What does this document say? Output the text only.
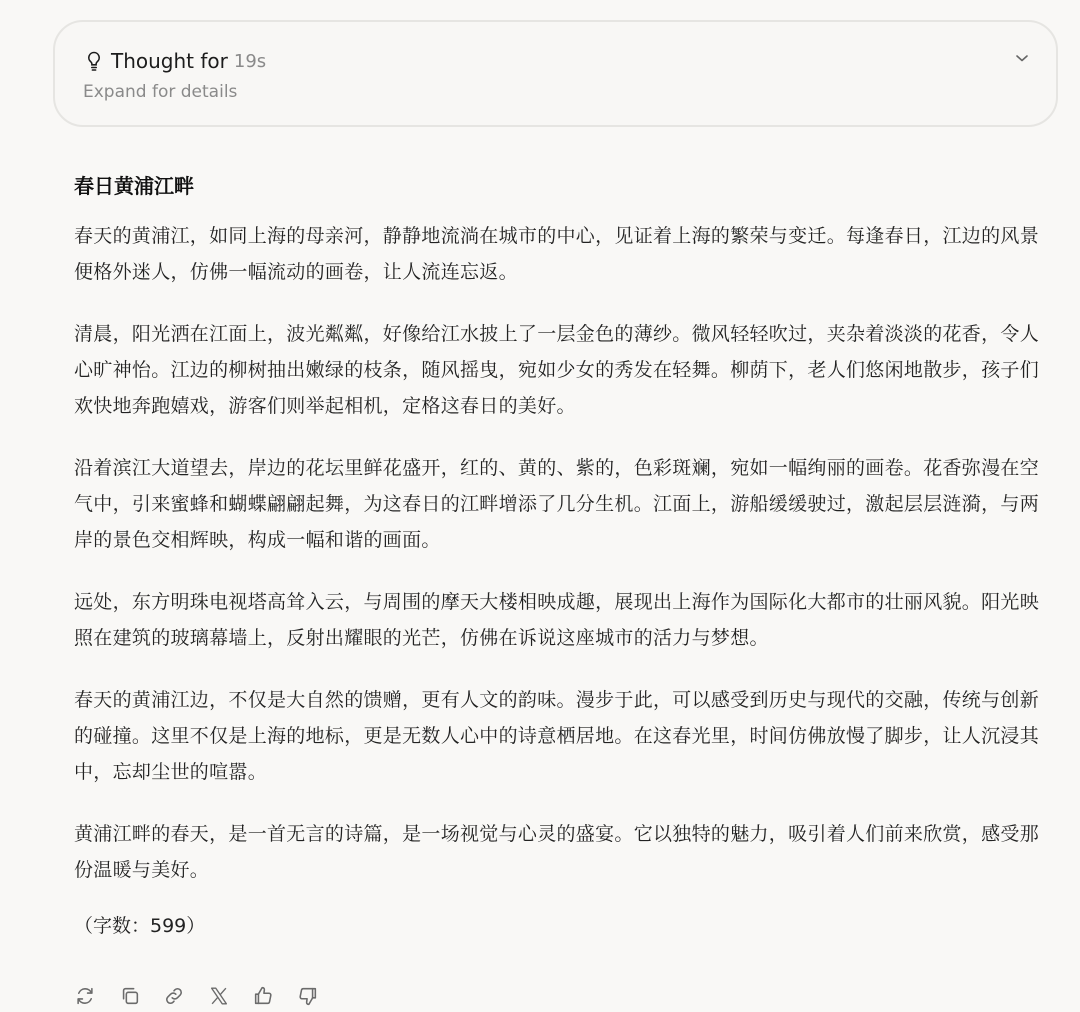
Thought for 19s
Expand for details
春日黄浦江畔

春天的黄浦江，如同上海的母亲河，静静地流淌在城市的中心，见证着上海的繁荣与变迁。每逢春日，江边的风景便格外迷人，仿佛一幅流动的画卷，让人流连忘返。

清晨，阳光洒在江面上，波光粼粼，好像给江水披上了一层金色的薄纱。微风轻轻吹过，夹杂着淡淡的花香，令人心旷神怡。江边的柳树抽出嫩绿的枝条，随风摇曳，宛如少女的秀发在轻舞。柳荫下，老人们悠闲地散步，孩子们欢快地奔跑嬉戏，游客们则举起相机，定格这春日的美好。

沿着滨江大道望去，岸边的花坛里鲜花盛开，红的、黄的、紫的，色彩斑斓，宛如一幅绚丽的画卷。花香弥漫在空气中，引来蜜蜂和蝴蝶翩翩起舞，为这春日的江畔增添了几分生机。江面上，游船缓缓驶过，激起层层涟漪，与两岸的景色交相辉映，构成一幅和谐的画面。

远处，东方明珠电视塔高耸入云，与周围的摩天大楼相映成趣，展现出上海作为国际化大都市的壮丽风貌。阳光映照在建筑的玻璃幕墙上，反射出耀眼的光芒，仿佛在诉说这座城市的活力与梦想。

春天的黄浦江边，不仅是大自然的馈赠，更有人文的韵味。漫步于此，可以感受到历史与现代的交融，传统与创新的碰撞。这里不仅是上海的地标，更是无数人心中的诗意栖居地。在这春光里，时间仿佛放慢了脚步，让人沉浸其中，忘却尘世的喧嚣。

黄浦江畔的春天，是一首无言的诗篇，是一场视觉与心灵的盛宴。它以独特的魅力，吸引着人们前来欣赏，感受那份温暖与美好。

（字数：599）
